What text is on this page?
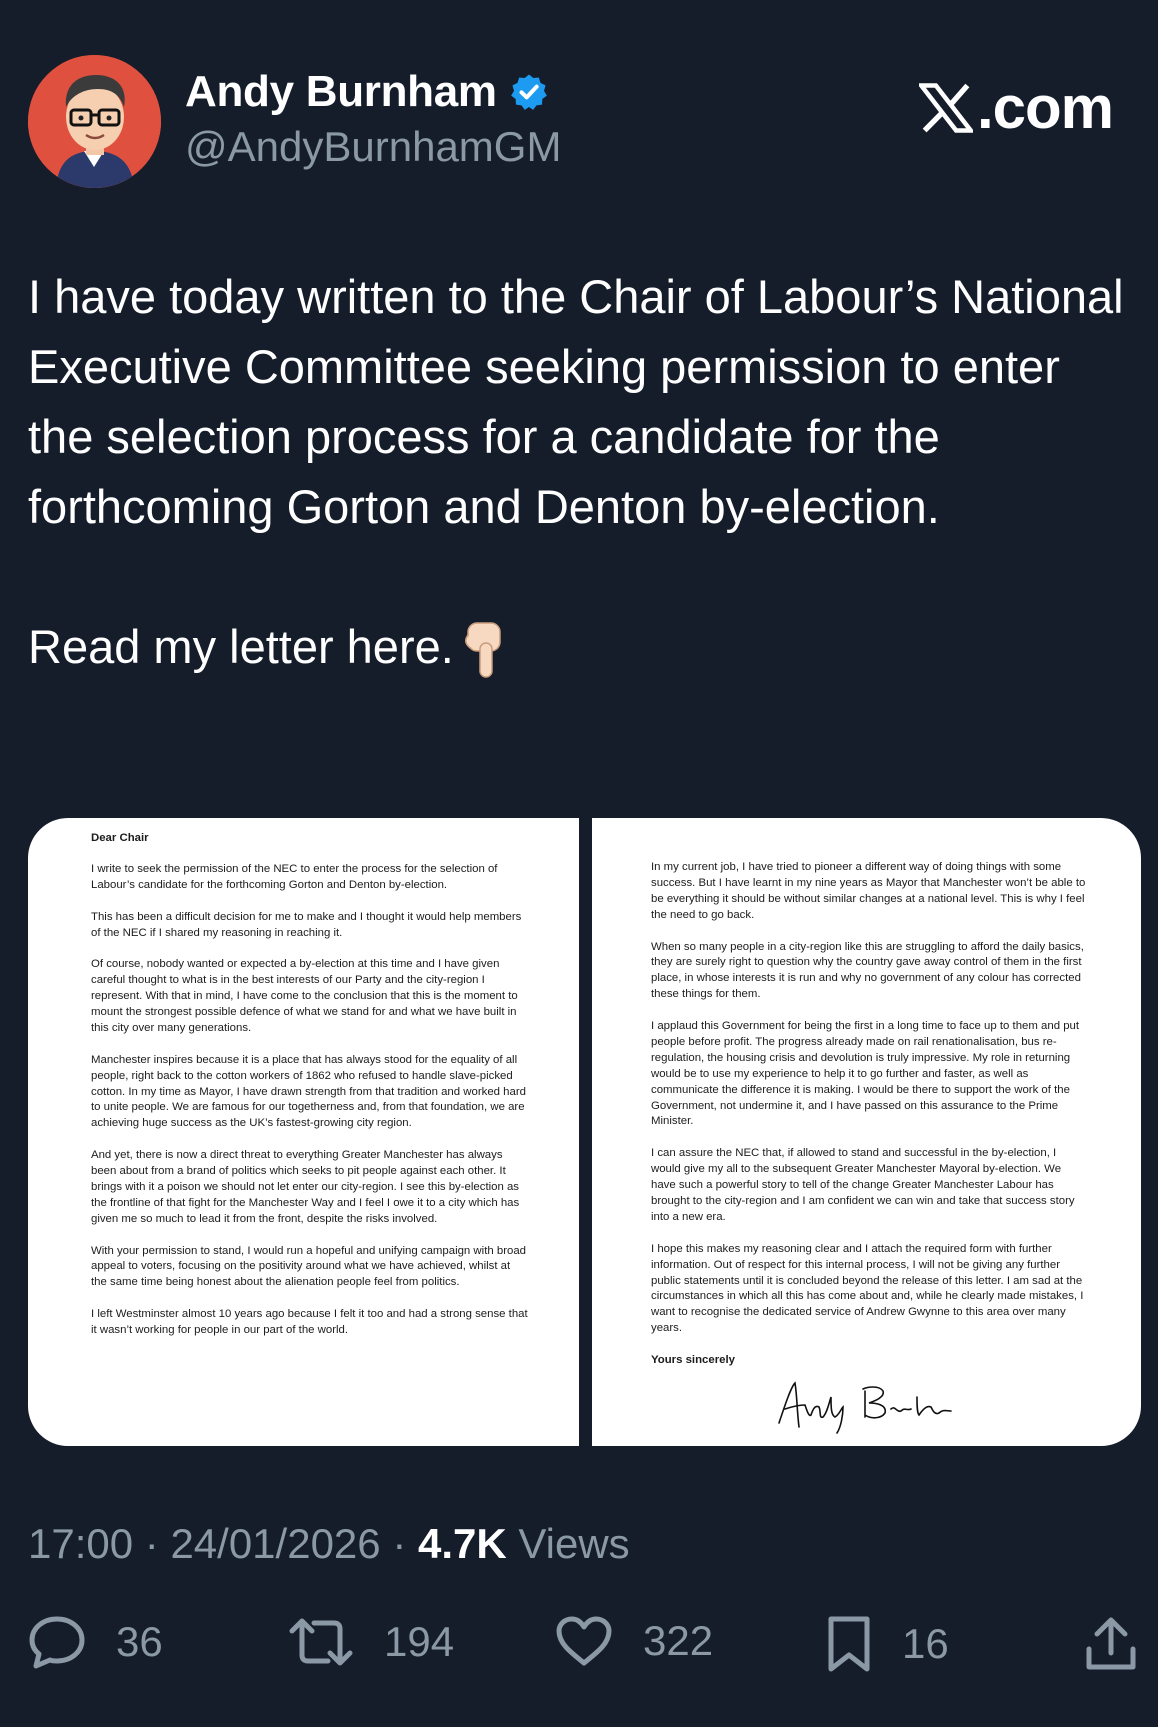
Andy Burnham
@AndyBurnhamGM
.com

I have today written to the Chair of Labour’s National Executive Committee seeking permission to enter the selection process for a candidate for the forthcoming Gorton and Denton by-election.

Read my letter here.

Dear Chair

I write to seek the permission of the NEC to enter the process for the selection of Labour’s candidate for the forthcoming Gorton and Denton by-election.

This has been a difficult decision for me to make and I thought it would help members of the NEC if I shared my reasoning in reaching it.

Of course, nobody wanted or expected a by-election at this time and I have given careful thought to what is in the best interests of our Party and the city-region I represent. With that in mind, I have come to the conclusion that this is the moment to mount the strongest possible defence of what we stand for and what we have built in this city over many generations.

Manchester inspires because it is a place that has always stood for the equality of all people, right back to the cotton workers of 1862 who refused to handle slave-picked cotton. In my time as Mayor, I have drawn strength from that tradition and worked hard to unite people. We are famous for our togetherness and, from that foundation, we are achieving huge success as the UK’s fastest-growing city region.

And yet, there is now a direct threat to everything Greater Manchester has always been about from a brand of politics which seeks to pit people against each other. It brings with it a poison we should not let enter our city-region. I see this by-election as the frontline of that fight for the Manchester Way and I feel I owe it to a city which has given me so much to lead it from the front, despite the risks involved.

With your permission to stand, I would run a hopeful and unifying campaign with broad appeal to voters, focusing on the positivity around what we have achieved, whilst at the same time being honest about the alienation people feel from politics.

I left Westminster almost 10 years ago because I felt it too and had a strong sense that it wasn’t working for people in our part of the world.

In my current job, I have tried to pioneer a different way of doing things with some success. But I have learnt in my nine years as Mayor that Manchester won’t be able to be everything it should be without similar changes at a national level. This is why I feel the need to go back.

When so many people in a city-region like this are struggling to afford the daily basics, they are surely right to question why the country gave away control of them in the first place, in whose interests it is run and why no government of any colour has corrected these things for them.

I applaud this Government for being the first in a long time to face up to them and put people before profit. The progress already made on rail renationalisation, bus re-regulation, the housing crisis and devolution is truly impressive. My role in returning would be to use my experience to help it to go further and faster, as well as communicate the difference it is making. I would be there to support the work of the Government, not undermine it, and I have passed on this assurance to the Prime Minister.

I can assure the NEC that, if allowed to stand and successful in the by-election, I would give my all to the subsequent Greater Manchester Mayoral by-election. We have such a powerful story to tell of the change Greater Manchester Labour has brought to the city-region and I am confident we can win and take that success story into a new era.

I hope this makes my reasoning clear and I attach the required form with further information. Out of respect for this internal process, I will not be giving any further public statements until it is concluded beyond the release of this letter. I am sad at the circumstances in which all this has come about and, while he clearly made mistakes, I want to recognise the dedicated service of Andrew Gwynne to this area over many years.

Yours sincerely

17:00 · 24/01/2026 · 4.7K Views
36	194	322	16
